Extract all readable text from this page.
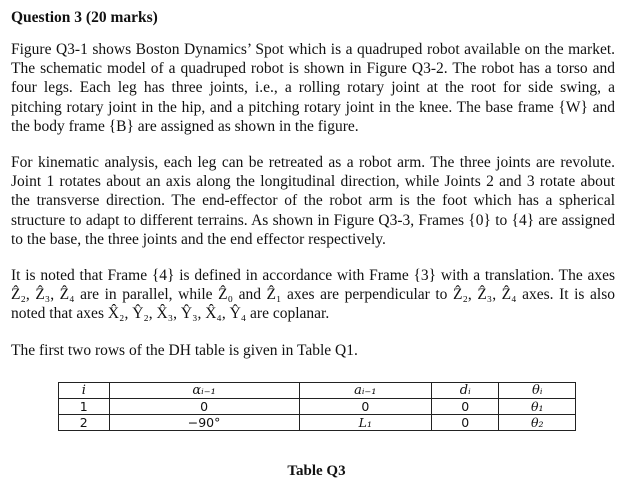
Question 3 (20 marks)
Figure Q3-1 shows Boston Dynamics’ Spot which is a quadruped robot available on the market.
The schematic model of a quadruped robot is shown in Figure Q3-2. The robot has a torso and
four legs. Each leg has three joints, i.e., a rolling rotary joint at the root for side swing, a
pitching rotary joint in the hip, and a pitching rotary joint in the knee. The base frame {W} and
the body frame {B} are assigned as shown in the figure.
For kinematic analysis, each leg can be retreated as a robot arm. The three joints are revolute.
Joint 1 rotates about an axis along the longitudinal direction, while Joints 2 and 3 rotate about
the transverse direction. The end-effector of the robot arm is the foot which has a spherical
structure to adapt to different terrains. As shown in Figure Q3-3, Frames {0} to {4} are assigned
to the base, the three joints and the end effector respectively.
It is noted that Frame {4} is defined in accordance with Frame {3} with a translation. The axes
Ẑ₂, Ẑ₃, Ẑ₄ are in parallel, while Ẑ₀ and Ẑ₁ axes are perpendicular to Ẑ₂, Ẑ₃, Ẑ₄ axes. It is also
noted that axes X̂₂, Ŷ₂, X̂₃, Ŷ₃, X̂₄, Ŷ₄ are coplanar.
The first two rows of the DH table is given in Table Q1.
i	αᵢ₋₁	aᵢ₋₁	dᵢ	θᵢ
1	0	0	0	θ₁
2	−90°	L₁	0	θ₂
Table Q3
